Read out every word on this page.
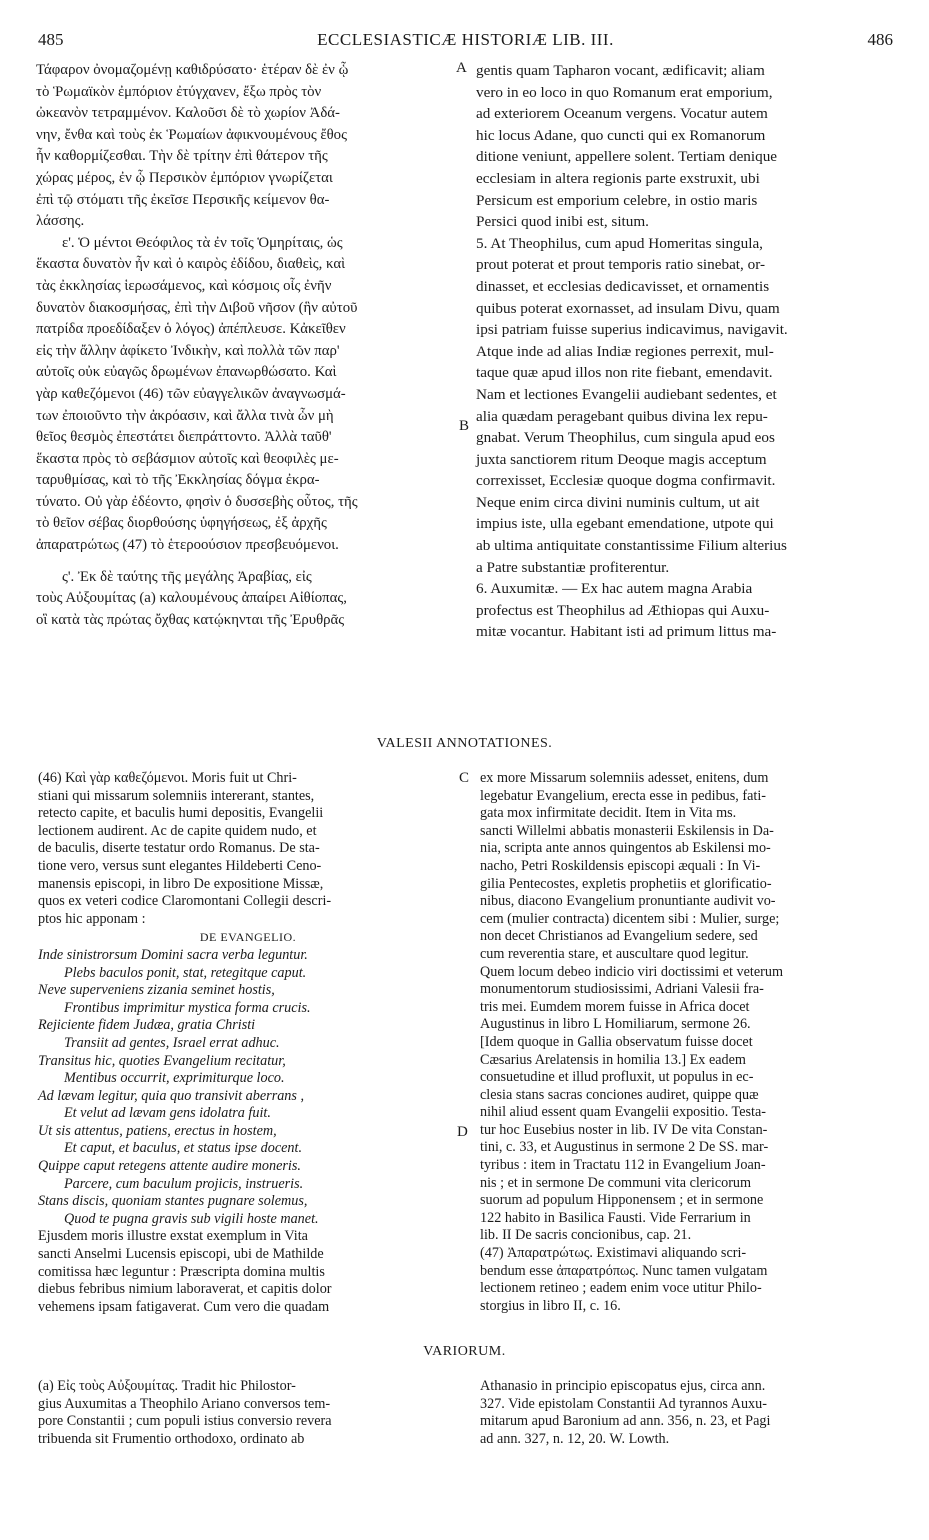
485	ECCLESIASTICÆ HISTORIÆ LIB. III.	486

Τάφαρον ὀνομαζομένῃ καθιδρύσατο· ἑτέραν δὲ ἐν ᾧ

τὸ Ῥωμαϊκὸν ἐμπόριον ἐτύγχανεν, ἔξω πρὸς τὸν

ὠκεανὸν τετραμμένον. Καλοῦσι δὲ τὸ χωρίον Ἀδά-

νην, ἔνθα καὶ τοὺς ἐκ Ῥωμαίων ἀφικνουμένους ἔθος

ἦν καθορμίζεσθαι. Τὴν δὲ τρίτην ἐπὶ θάτερον τῆς

χώρας μέρος, ἐν ᾧ Περσικὸν ἐμπόριον γνωρίζεται

ἐπὶ τῷ στόματι τῆς ἐκεῖσε Περσικῆς κείμενον θα-

λάσσης.

ε'. Ὁ μέντοι Θεόφιλος τὰ ἐν τοῖς Ὁμηρίταις, ὡς

ἕκαστα δυνατὸν ἦν καὶ ὁ καιρὸς ἐδίδου, διαθεὶς, καὶ

τὰς ἐκκλησίας ἱερωσάμενος, καὶ κόσμοις οἷς ἐνῆν

δυνατὸν διακοσμήσας, ἐπὶ τὴν Διβοῦ νῆσον (ἣν αὐτοῦ

πατρίδα προεδίδαξεν ὁ λόγος) ἀπέπλευσε. Κἀκεῖθεν

εἰς τὴν ἄλλην ἀφίκετο Ἰνδικὴν, καὶ πολλὰ τῶν παρ'

αὐτοῖς οὐκ εὐαγῶς δρωμένων ἐπανωρθώσατο. Καὶ

γὰρ καθεζόμενοι (46) τῶν εὐαγγελικῶν ἀναγνωσμά-

των ἐποιοῦντο τὴν ἀκρόασιν, καὶ ἄλλα τινὰ ὧν μὴ

θεῖος θεσμὸς ἐπεστάτει διεπράττοντο. Ἀλλὰ ταῦθ'

ἕκαστα πρὸς τὸ σεβάσμιον αὐτοῖς καὶ θεοφιλὲς με-

ταρυθμίσας, καὶ τὸ τῆς Ἐκκλησίας δόγμα ἐκρα-

τύνατο. Οὐ γὰρ ἐδέοντο, φησὶν ὁ δυσσεβὴς οὗτος, τῆς

τὸ θεῖον σέβας διορθούσης ὑφηγήσεως, ἐξ ἀρχῆς

ἀπαρατρώτως (47) τὸ ἑτεροούσιον πρεσβευόμενοι.

ς'. Ἐκ δὲ ταύτης τῆς μεγάλης Ἀραβίας, εἰς

τοὺς Αὐξουμίτας (a) καλουμένους ἀπαίρει Αἰθίοπας,

οἳ κατὰ τὰς πρώτας ὄχθας κατῴκηνται τῆς Ἐρυθρᾶς

gentis quam Tapharon vocant, ædificavit; aliam

vero in eo loco in quo Romanum erat emporium,

ad exteriorem Oceanum vergens. Vocatur autem

hic locus Adane, quo cuncti qui ex Romanorum

ditione veniunt, appellere solent. Tertiam denique

ecclesiam in altera regionis parte exstruxit, ubi

Persicum est emporium celebre, in ostio maris

Persici quod inibi est, situm.

5. At Theophilus, cum apud Homeritas singula,

prout poterat et prout temporis ratio sinebat, or-

dinasset, et ecclesias dedicavisset, et ornamentis

quibus poterat exornasset, ad insulam Divu, quam

ipsi patriam fuisse superius indicavimus, navigavit.

Atque inde ad alias Indiæ regiones perrexit, mul-

taque quæ apud illos non rite fiebant, emendavit.

Nam et lectiones Evangelii audiebant sedentes, et

alia quædam peragebant quibus divina lex repu-

gnabat. Verum Theophilus, cum singula apud eos

juxta sanctiorem ritum Deoque magis acceptum

correxisset, Ecclesiæ quoque dogma confirmavit.

Neque enim circa divini numinis cultum, ut ait

impius iste, ulla egebant emendatione, utpote qui

ab ultima antiquitate constantissime Filium alterius

a Patre substantiæ profiterentur.

6. Auxumitæ. — Ex hac autem magna Arabia

profectus est Theophilus ad Æthiopas qui Auxu-

mitæ vocantur. Habitant isti ad primum littus ma-

A
B
C
D
VALESII ANNOTATIONES.

(46) Καὶ γὰρ καθεζόμενοι. Moris fuit ut Chri-

stiani qui missarum solemniis intererant, stantes,

retecto capite, et baculis humi depositis, Evangelii

lectionem audirent. Ac de capite quidem nudo, et

de baculis, diserte testatur ordo Romanus. De sta-

tione vero, versus sunt elegantes Hildeberti Ceno-

manensis episcopi, in libro De expositione Missæ,

quos ex veteri codice Claromontani Collegii descri-

ptos hic apponam :

DE EVANGELIO.

Inde sinistrorsum Domini sacra verba leguntur.

Plebs baculos ponit, stat, retegitque caput.

Neve superveniens zizania seminet hostis,

Frontibus imprimitur mystica forma crucis.

Rejiciente fidem Judæa, gratia Christi

Transiit ad gentes, Israel errat adhuc.

Transitus hic, quoties Evangelium recitatur,

Mentibus occurrit, exprimiturque loco.

Ad lævam legitur, quia quo transivit aberrans ,

Et velut ad lævam gens idolatra fuit.

Ut sis attentus, patiens, erectus in hostem,

Et caput, et baculus, et status ipse docent.

Quippe caput retegens attente audire moneris.

Parcere, cum baculum projicis, instrueris.

Stans discis, quoniam stantes pugnare solemus,

Quod te pugna gravis sub vigili hoste manet.

Ejusdem moris illustre exstat exemplum in Vita

sancti Anselmi Lucensis episcopi, ubi de Mathilde

comitissa hæc leguntur : Præscripta domina multis

diebus febribus nimium laboraverat, et capitis dolor

vehemens ipsam fatigaverat. Cum vero die quadam

ex more Missarum solemniis adesset, enitens, dum

legebatur Evangelium, erecta esse in pedibus, fati-

gata mox infirmitate decidit. Item in Vita ms.

sancti Willelmi abbatis monasterii Eskilensis in Da-

nia, scripta ante annos quingentos ab Eskilensi mo-

nacho, Petri Roskildensis episcopi æquali : In Vi-

gilia Pentecostes, expletis prophetiis et glorificatio-

nibus, diacono Evangelium pronuntiante audivit vo-

cem (mulier contracta) dicentem sibi : Mulier, surge;

non decet Christianos ad Evangelium sedere, sed

cum reverentia stare, et auscultare quod legitur.

Quem locum debeo indicio viri doctissimi et veterum

monumentorum studiosissimi, Adriani Valesii fra-

tris mei. Eumdem morem fuisse in Africa docet

Augustinus in libro L Homiliarum, sermone 26.

[Idem quoque in Gallia observatum fuisse docet

Cæsarius Arelatensis in homilia 13.] Ex eadem

consuetudine et illud profluxit, ut populus in ec-

clesia stans sacras conciones audiret, quippe quæ

nihil aliud essent quam Evangelii expositio. Testa-

tur hoc Eusebius noster in lib. IV De vita Constan-

tini, c. 33, et Augustinus in sermone 2 De SS. mar-

tyribus : item in Tractatu 112 in Evangelium Joan-

nis ; et in sermone De communi vita clericorum

suorum ad populum Hipponensem ; et in sermone

122 habito in Basilica Fausti. Vide Ferrarium in

lib. II De sacris concionibus, cap. 21.

(47) Ἀπαρατρώτως. Existimavi aliquando scri-

bendum esse ἀπαρατρόπως. Nunc tamen vulgatam

lectionem retineo ; eadem enim voce utitur Philo-

storgius in libro II, c. 16.

VARIORUM.

(a) Εἰς τοὺς Αὐξουμίτας. Tradit hic Philostor-

gius Auxumitas a Theophilo Ariano conversos tem-

pore Constantii ; cum populi istius conversio revera

tribuenda sit Frumentio orthodoxo, ordinato ab

Athanasio in principio episcopatus ejus, circa ann.

327. Vide epistolam Constantii Ad tyrannos Auxu-

mitarum apud Baronium ad ann. 356, n. 23, et Pagi

ad ann. 327, n. 12, 20. W. Lowth.
